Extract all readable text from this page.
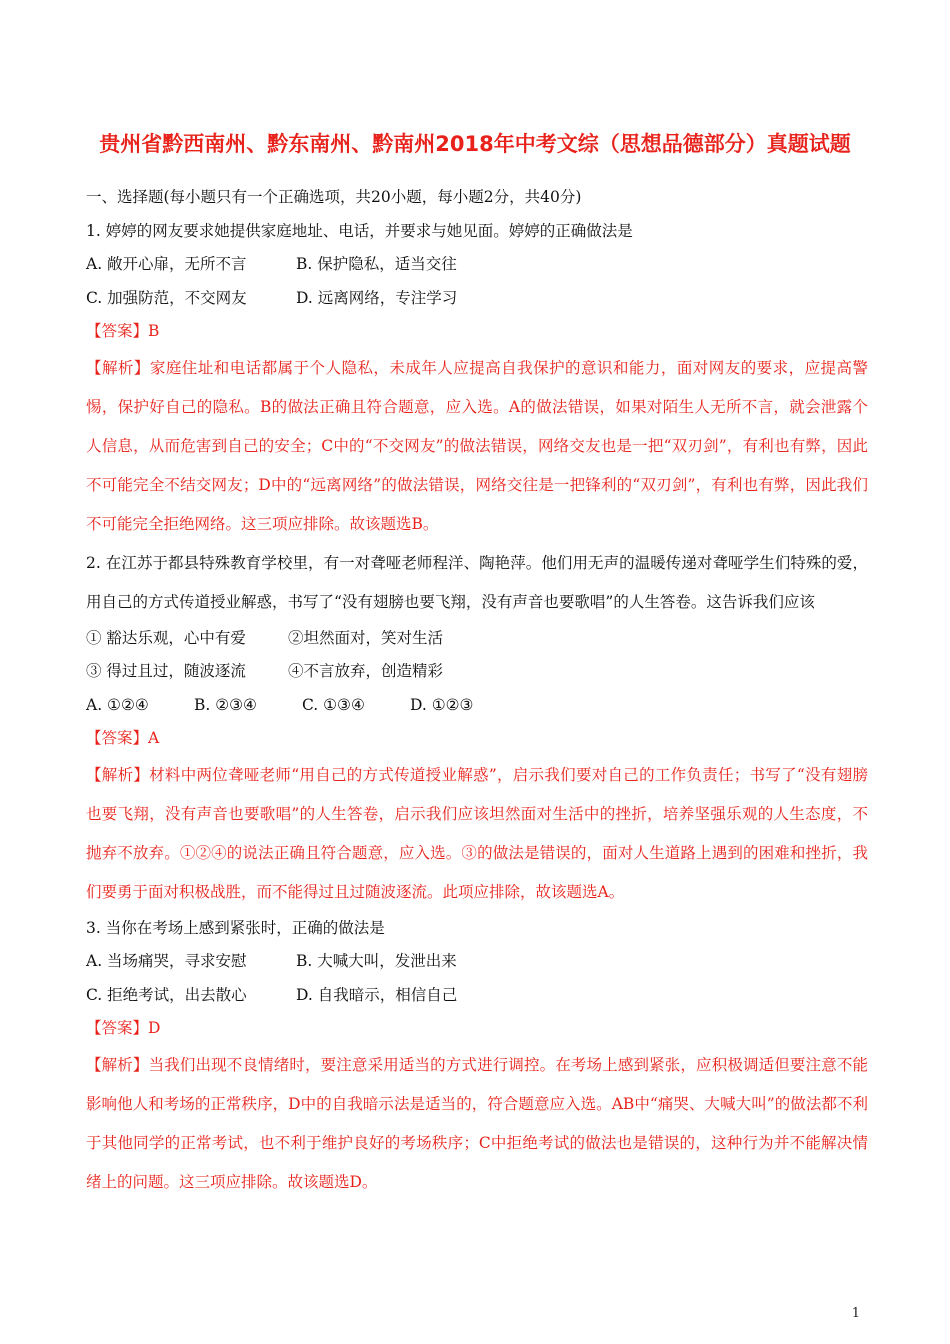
贵州省黔西南州、黔东南州、黔南州2018年中考文综（思想品德部分）真题试题
一、选择题(每小题只有一个正确选项，共20小题，每小题2分，共40分)
1. 婷婷的网友要求她提供家庭地址、电话，并要求与她见面。婷婷的正确做法是
A. 敞开心扉，无所不言	B. 保护隐私，适当交往
C. 加强防范，不交网友	D. 远离网络，专注学习
【答案】B
【解析】家庭住址和电话都属于个人隐私，未成年人应提高自我保护的意识和能力，面对网友的要求，应提高警惕，保护好自己的隐私。B的做法正确且符合题意，应入选。A的做法错误，如果对陌生人无所不言，就会泄露个人信息，从而危害到自己的安全；C中的“不交网友”的做法错误，网络交友也是一把“双刃剑”，有利也有弊，因此不可能完全不结交网友；D中的“远离网络”的做法错误，网络交往是一把锋利的“双刃剑”，有利也有弊，因此我们不可能完全拒绝网络。这三项应排除。故该题选B。
2. 在江苏于都县特殊教育学校里，有一对聋哑老师程洋、陶艳萍。他们用无声的温暖传递对聋哑学生们特殊的爱，用自己的方式传道授业解惑，书写了“没有翅膀也要飞翔，没有声音也要歌唱”的人生答卷。这告诉我们应该
① 豁达乐观，心中有爱	②坦然面对，笑对生活
③ 得过且过，随波逐流	④不言放弃，创造精彩
A. ①②④	B. ②③④	C. ①③④	D. ①②③
【答案】A
【解析】材料中两位聋哑老师“用自己的方式传道授业解惑”，启示我们要对自己的工作负责任；书写了“没有翅膀也要飞翔，没有声音也要歌唱”的人生答卷，启示我们应该坦然面对生活中的挫折，培养坚强乐观的人生态度，不抛弃不放弃。①②④的说法正确且符合题意，应入选。③的做法是错误的，面对人生道路上遇到的困难和挫折，我们要勇于面对积极战胜，而不能得过且过随波逐流。此项应排除，故该题选A。
3. 当你在考场上感到紧张时，正确的做法是
A. 当场痛哭，寻求安慰	B. 大喊大叫，发泄出来
C. 拒绝考试，出去散心	D. 自我暗示，相信自己
【答案】D
【解析】当我们出现不良情绪时，要注意采用适当的方式进行调控。在考场上感到紧张，应积极调适但要注意不能影响他人和考场的正常秩序，D中的自我暗示法是适当的，符合题意应入选。AB中“痛哭、大喊大叫”的做法都不利于其他同学的正常考试，也不利于维护良好的考场秩序；C中拒绝考试的做法也是错误的，这种行为并不能解决情绪上的问题。这三项应排除。故该题选D。
1
